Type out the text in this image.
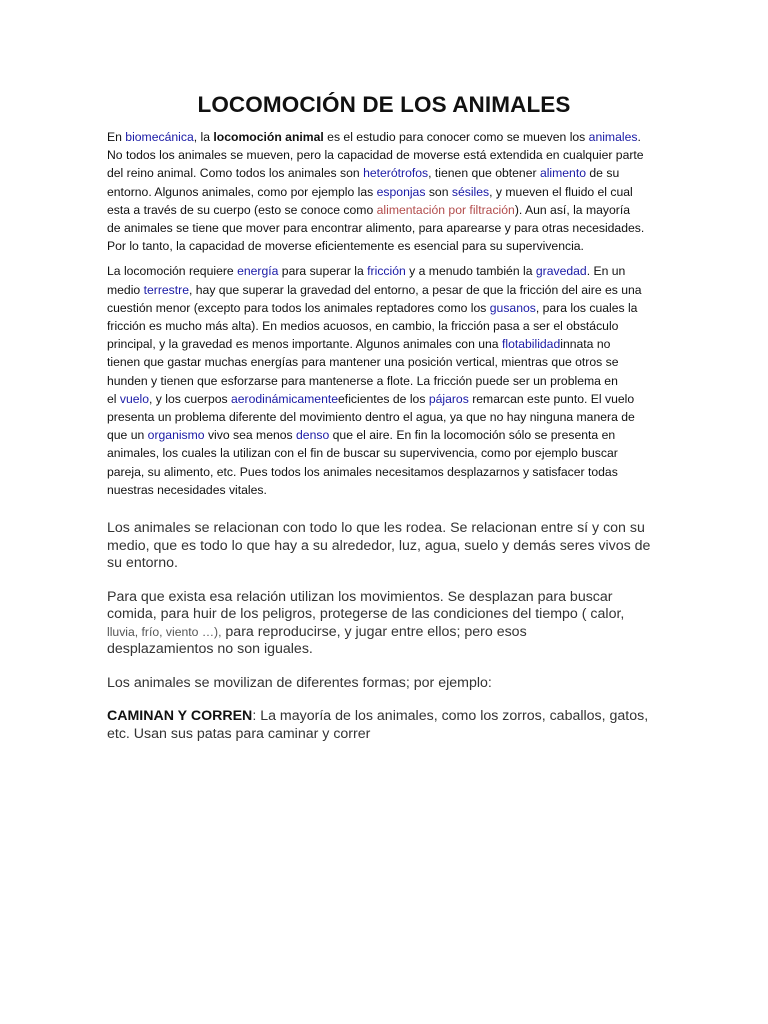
LOCOMOCIÓN DE LOS ANIMALES

En biomecánica, la locomoción animal es el estudio para conocer como se mueven los animales.
No todos los animales se mueven, pero la capacidad de moverse está extendida en cualquier parte
del reino animal. Como todos los animales son heterótrofos, tienen que obtener alimento de su
entorno. Algunos animales, como por ejemplo las esponjas son sésiles, y mueven el fluido el cual
esta a través de su cuerpo (esto se conoce como alimentación por filtración). Aun así, la mayoría
de animales se tiene que mover para encontrar alimento, para aparearse y para otras necesidades.
Por lo tanto, la capacidad de moverse eficientemente es esencial para su supervivencia.

La locomoción requiere energía para superar la fricción y a menudo también la gravedad. En un
medio terrestre, hay que superar la gravedad del entorno, a pesar de que la fricción del aire es una
cuestión menor (excepto para todos los animales reptadores como los gusanos, para los cuales la
fricción es mucho más alta). En medios acuosos, en cambio, la fricción pasa a ser el obstáculo
principal, y la gravedad es menos importante. Algunos animales con una flotabilidadinnata no
tienen que gastar muchas energías para mantener una posición vertical, mientras que otros se
hunden y tienen que esforzarse para mantenerse a flote. La fricción puede ser un problema en
el vuelo, y los cuerpos aerodinámicamenteeficientes de los pájaros remarcan este punto. El vuelo
presenta un problema diferente del movimiento dentro el agua, ya que no hay ninguna manera de
que un organismo vivo sea menos denso que el aire. En fin la locomoción sólo se presenta en
animales, los cuales la utilizan con el fin de buscar su supervivencia, como por ejemplo buscar
pareja, su alimento, etc. Pues todos los animales necesitamos desplazarnos y satisfacer todas
nuestras necesidades vitales.

Los animales se relacionan con todo lo que les rodea. Se relacionan entre sí y con su
medio, que es todo lo que hay a su alrededor, luz, agua, suelo y demás seres vivos de
su entorno.

Para que exista esa relación utilizan los movimientos. Se desplazan para buscar
comida, para huir de los peligros, protegerse de las condiciones del tiempo ( calor,
lluvia, frío, viento …), para reproducirse, y jugar entre ellos; pero esos
desplazamientos no son iguales.

Los animales se movilizan de diferentes formas; por ejemplo:

CAMINAN Y CORREN: La mayoría de los animales, como los zorros, caballos, gatos,
etc. Usan sus patas para caminar y correr
